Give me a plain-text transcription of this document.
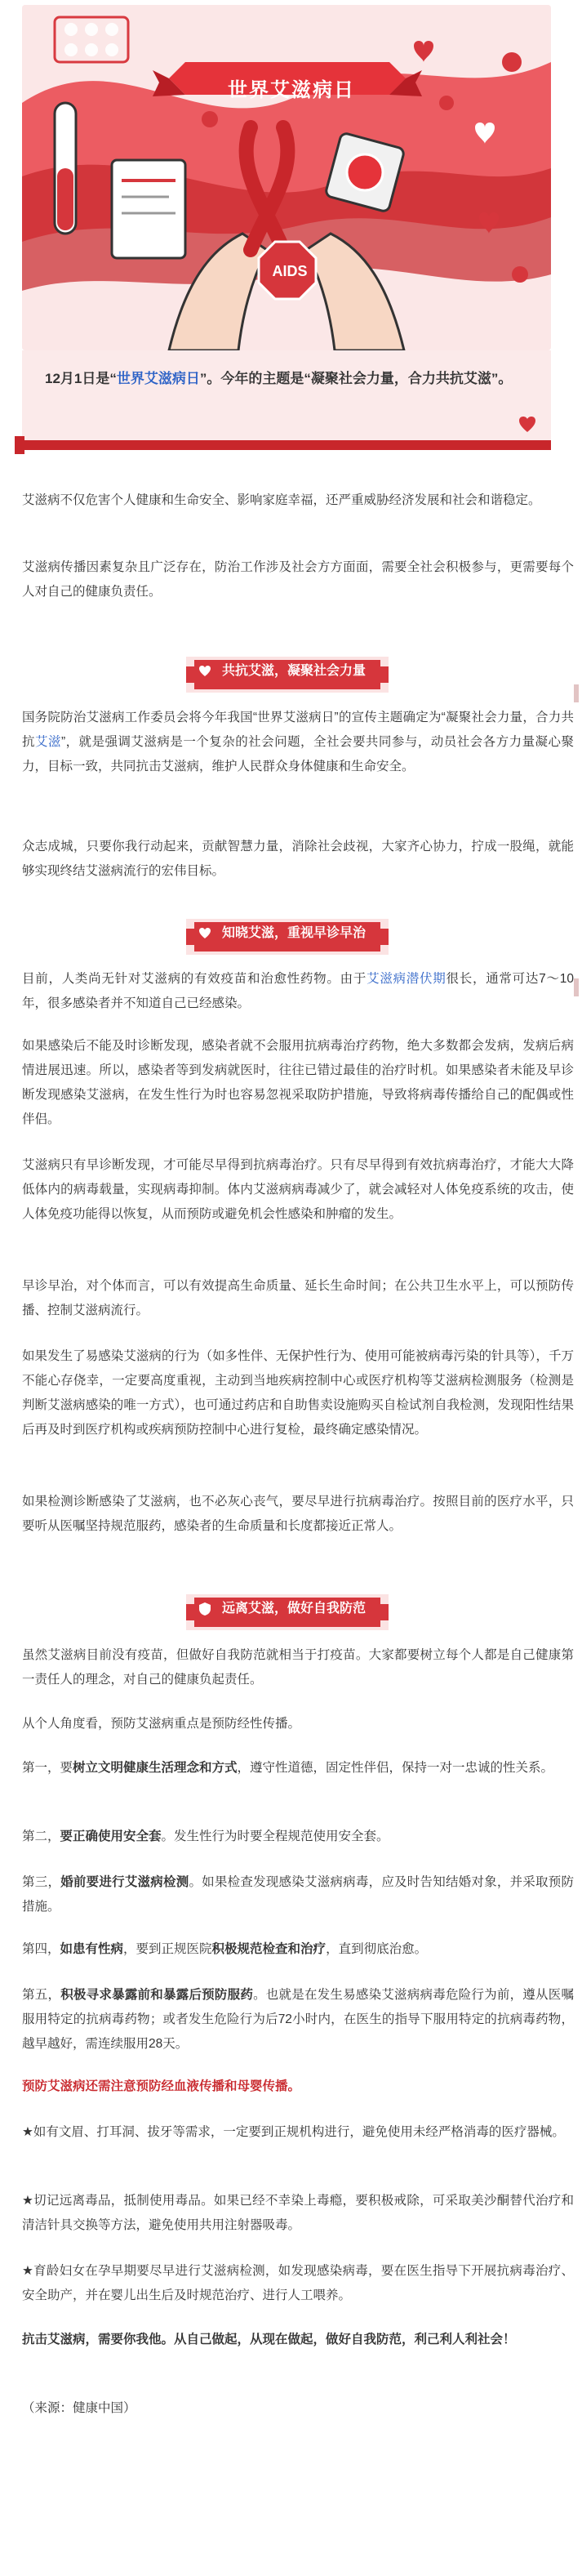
世界艾滋病日
AIDS
12月1日是“世界艾滋病日”。今年的主题是“凝聚社会力量，合力共抗艾滋”。
艾滋病不仅危害个人健康和生命安全、影响家庭幸福，还严重威胁经济发展和社会和谐稳定。
艾滋病传播因素复杂且广泛存在，防治工作涉及社会方方面面，需要全社会积极参与，更需要每个人对自己的健康负责任。
共抗艾滋，凝聚社会力量
国务院防治艾滋病工作委员会将今年我国“世界艾滋病日”的宣传主题确定为“凝聚社会力量，合力共抗艾滋”，就是强调艾滋病是一个复杂的社会问题，全社会要共同参与，动员社会各方力量凝心聚力，目标一致，共同抗击艾滋病，维护人民群众身体健康和生命安全。
众志成城，只要你我行动起来，贡献智慧力量，消除社会歧视，大家齐心协力，拧成一股绳，就能够实现终结艾滋病流行的宏伟目标。
知晓艾滋，重视早诊早治
目前，人类尚无针对艾滋病的有效疫苗和治愈性药物。由于艾滋病潜伏期很长，通常可达7～10年，很多感染者并不知道自己已经感染。
如果感染后不能及时诊断发现，感染者就不会服用抗病毒治疗药物，绝大多数都会发病，发病后病情进展迅速。所以，感染者等到发病就医时，往往已错过最佳的治疗时机。如果感染者未能及早诊断发现感染艾滋病，在发生性行为时也容易忽视采取防护措施，导致将病毒传播给自己的配偶或性伴侣。
艾滋病只有早诊断发现，才可能尽早得到抗病毒治疗。只有尽早得到有效抗病毒治疗，才能大大降低体内的病毒载量，实现病毒抑制。体内艾滋病病毒减少了，就会减轻对人体免疫系统的攻击，使人体免疫功能得以恢复，从而预防或避免机会性感染和肿瘤的发生。
早诊早治，对个体而言，可以有效提高生命质量、延长生命时间；在公共卫生水平上，可以预防传播、控制艾滋病流行。
如果发生了易感染艾滋病的行为（如多性伴、无保护性行为、使用可能被病毒污染的针具等），千万不能心存侥幸，一定要高度重视，主动到当地疾病控制中心或医疗机构等艾滋病检测服务（检测是判断艾滋病感染的唯一方式），也可通过药店和自助售卖设施购买自检试剂自我检测，发现阳性结果后再及时到医疗机构或疾病预防控制中心进行复检，最终确定感染情况。
如果检测诊断感染了艾滋病，也不必灰心丧气，要尽早进行抗病毒治疗。按照目前的医疗水平，只要听从医嘱坚持规范服药，感染者的生命质量和长度都接近正常人。
远离艾滋，做好自我防范
虽然艾滋病目前没有疫苗，但做好自我防范就相当于打疫苗。大家都要树立每个人都是自己健康第一责任人的理念，对自己的健康负起责任。
从个人角度看，预防艾滋病重点是预防经性传播。
第一，要树立文明健康生活理念和方式，遵守性道德，固定性伴侣，保持一对一忠诚的性关系。
第二，要正确使用安全套。发生性行为时要全程规范使用安全套。
第三，婚前要进行艾滋病检测。如果检查发现感染艾滋病病毒，应及时告知结婚对象，并采取预防措施。
第四，如患有性病，要到正规医院积极规范检查和治疗，直到彻底治愈。
第五，积极寻求暴露前和暴露后预防服药。也就是在发生易感染艾滋病病毒危险行为前，遵从医嘱服用特定的抗病毒药物；或者发生危险行为后72小时内，在医生的指导下服用特定的抗病毒药物，越早越好，需连续服用28天。
预防艾滋病还需注意预防经血液传播和母婴传播。
★如有文眉、打耳洞、拔牙等需求，一定要到正规机构进行，避免使用未经严格消毒的医疗器械。
★切记远离毒品，抵制使用毒品。如果已经不幸染上毒瘾，要积极戒除，可采取美沙酮替代治疗和清洁针具交换等方法，避免使用共用注射器吸毒。
★育龄妇女在孕早期要尽早进行艾滋病检测，如发现感染病毒，要在医生指导下开展抗病毒治疗、安全助产，并在婴儿出生后及时规范治疗、进行人工喂养。
抗击艾滋病，需要你我他。从自己做起，从现在做起，做好自我防范，利己利人利社会！
（来源：健康中国）
